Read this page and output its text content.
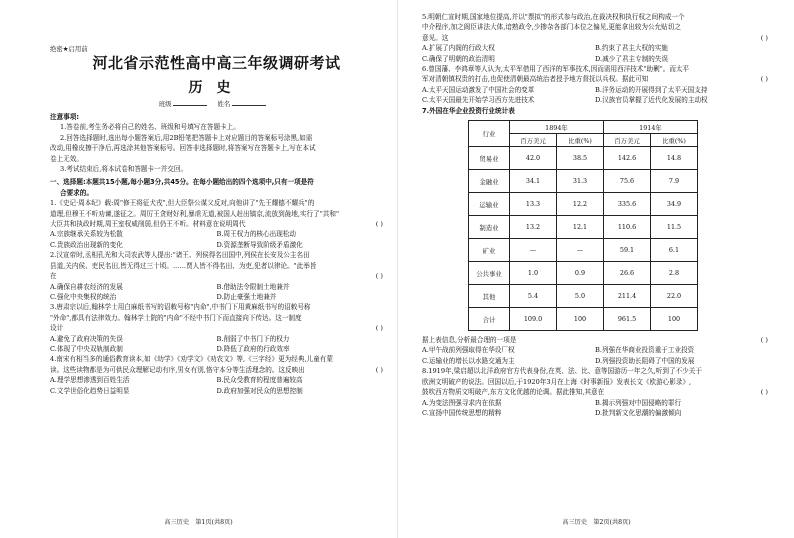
绝密★启用前

河北省示范性高中高三年级调研考试

历史

班级	姓名

注意事项:

1.答卷前,考生务必将自己的姓名、班级和号填写在答题卡上。

2.回答选择题时,选出每小题答案后,用2B铅笔把答题卡上对应题目的答案标号涂黑,如需

改动,用橡皮擦干净后,再选涂其他答案标号。回答非选择题时,将答案写在答题卡上,写在本试

卷上无效。

3.考试结束后,将本试卷和答题卡一并交回。

一、选择题:本题共15小题,每小题3分,共45分。在每小题给出的四个选项中,只有一项是符

合要求的。

1.《史记·周本纪》载:周"修王将征犬戎",但大臣祭公谋父反对,向他讲了"先王耀德不耀兵"的

道理,但穆王不听劝谏,遂征之。周厉王贪财好利,暴虐无道,被国人赶出镐京,流放到彘地,实行了"共和"

大臣共和执政时期,周王室权威削弱,但仍王不听。材料意在说明周代	( )

A.宗族继承关系较为松散	B.周王权力的核心出现松动
C.贵族政治出现新的变化	D.资源垄断导致阶级矛盾激化

2.汉宣帝时,丞相孔光和大司农武等人提出:"诸王、列侯得名田国中,列侯在长安及公主名田

县道,关内侯、吏民名田,皆无得过三十顷。……贾人皆不得名田、为吏,犯者以律论。"此举旨

在	( )

A.确保自耕农经济的发展	B.借助法令限制土地兼并
C.强化中央集权的统治	D.防止豪强土地兼并

3.唐肃宗以后,翰林学士用白麻纸书写的诏敕号称"内命",中书门下用黄麻纸书写的诏敕号称

"外命",都具有法律效力。翰林学士院的"内命"不经中书门下而直接向下传达。这一制度

设计	( )

A.避免了政府决策的失误	B.削弱了中书门下的权力
C.体现了中央双轨制政制	D.降低了政府的行政效率

4.南宋有相当多的通俗教育读本,如《幼学》《劝学文》《劝农文》等,《三字经》更为经典,儿童有蒙

读。这些读物都是为可供民众理解记动有序,男女有别,恪守本分等生活理念的。这反映出	( )

A.理学思想渗透到百姓生活	B.民众受教育的程度普遍较高
C.文学世俗化趋势日益明显	D.政府加强对民众的思想控制

高三历史　第1页(共8页)

5.明朝仁宣时期,国家地位提高,并以"票拟"的形式参与政治,在裁决权和执行权之间构成一个

中介程序,加之阁臣讲法大体,谙熟政令,少掺杂各部门本位之偏见,更能拿出较为公允贴切之

意见。这	( )

A.扩展了内阁的行政大权	B.约束了君主大权的实施
C.确保了明朝的政治清明	D.减少了君主专制的失误

6.曾国藩、李鸿章等人认为,太平军借用了西洋的军事技术,因而需用西洋技术"助剿"。而太平

军对清朝镇权贵的打击,也促使清朝最高统治者授予地方督抚以兵权。据此可知	( )

A.太平天国运动激发了中国社会的变革	B.洋务运动的开展得到了太平天国支持
C.太平天国最先开始学习西方先进技术	D.汉族官员掌握了近代化发展的主动权

7.外国在华企业投资行业统计表

行业	1894年		1914年	
	百万美元	比重(%)	百万美元	比重(%)
贸易业	42.0	38.5	142.6	14.8
金融业	34.1	31.3	75.6	7.9
运输业	13.3	12.2	335.6	34.9
制造业	13.2	12.1	110.6	11.5
矿业	—	—	59.1	6.1
公共事业	1.0	0.9	26.6	2.8
其他	5.4	5.0	211.4	22.0
合计	109.0	100	961.5	100

据上表信息,分析最合理的一项是	( )

A.甲午战前列强取得在华设厂权	B.列强在华商业投资重于工业投资
C.运输业的增长以水路交通为主	D.列强投资助长阻碍了中国的发展

8.1919年,梁启超以北洋政府官方代表身份,在英、法、比、意等国游历一年之久,听到了不少关于

欧洲文明破产的说法。回国以后,于1920年3月在上海《时事新报》发表长文《欧游心影录》,

鼓吹西方物质文明破产,东方文化优越的论调。据此推知,其意在	( )

A.为变法图强寻求内在依据	B.揭示列强对中国侵略的罪行
C.宣扬中国传统思想的精粹	D.批判新文化思潮的偏激倾向

高三历史　第2页(共8页)
